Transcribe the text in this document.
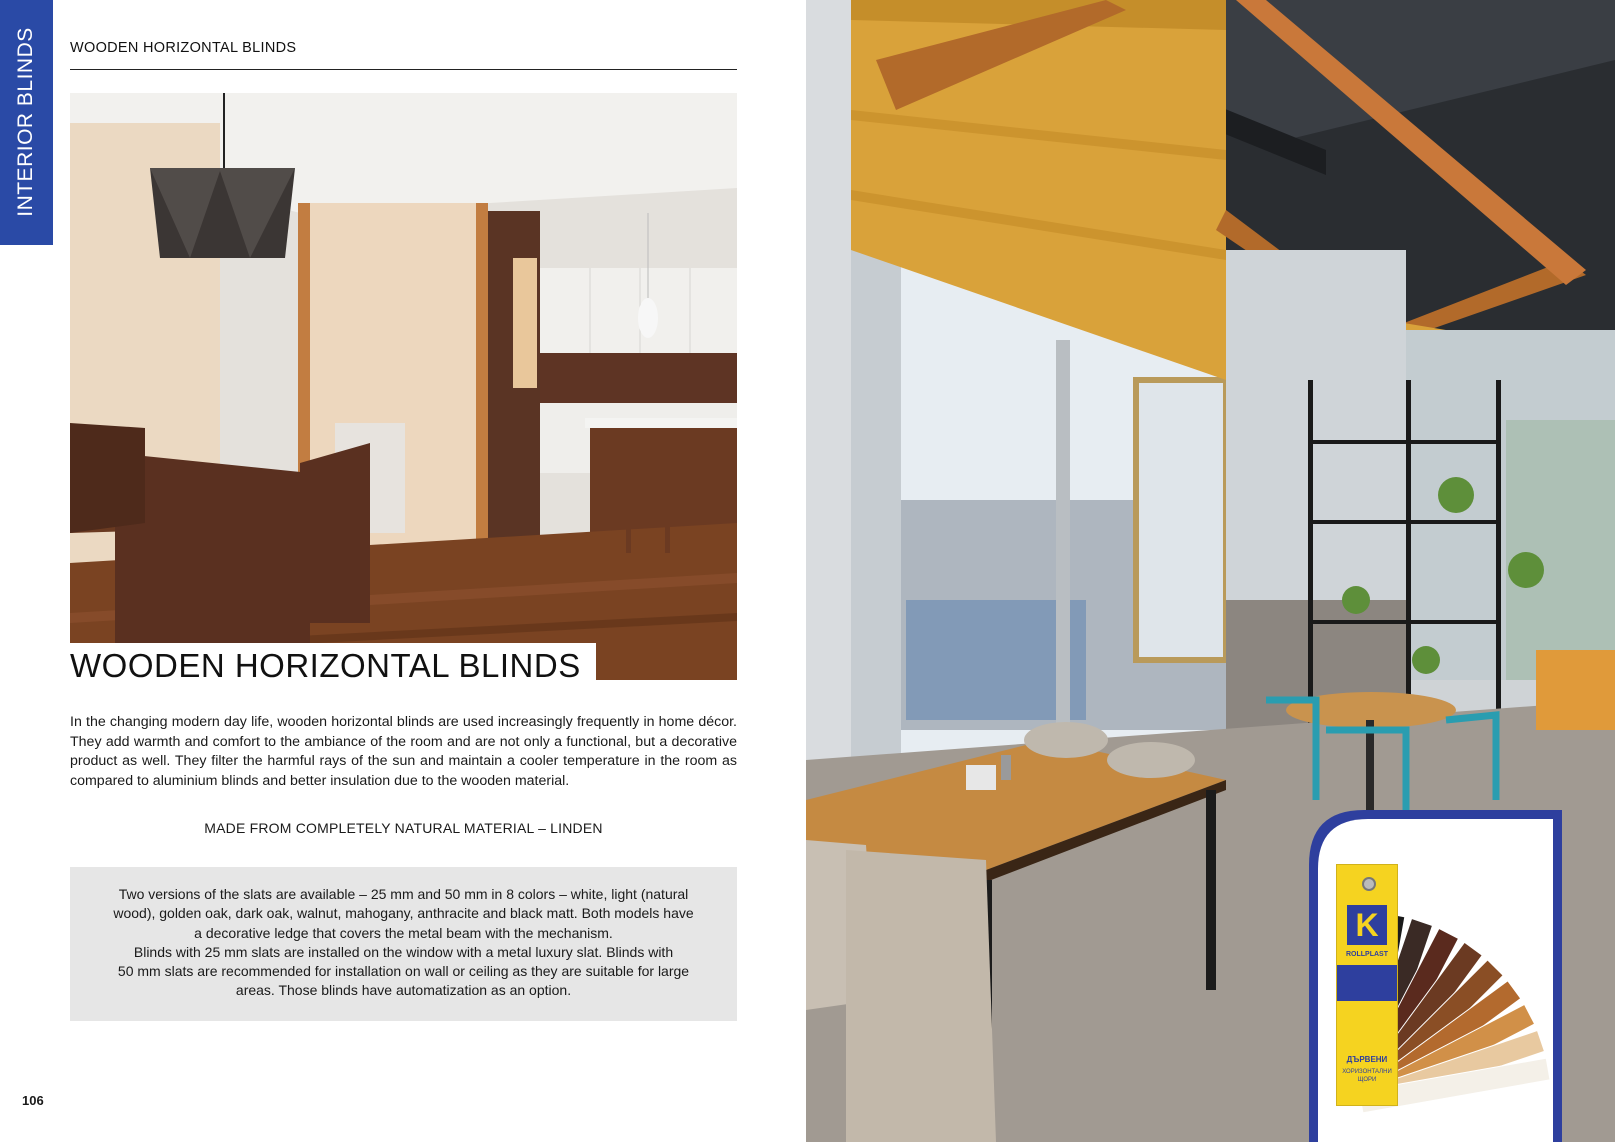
INTERIOR BLINDS WOODEN HORIZONTAL BLINDS
WOODEN HORIZONTAL BLINDS
In the changing modern day life, wooden horizontal blinds are used increasingly frequently in home décor. They add warmth and comfort to the ambiance of the room and are not only a functional, but a decorative product as well. They filter the harmful rays of the sun and maintain a cooler temperature in the room as compared to aluminium blinds and better insulation due to the wooden material.
MADE FROM COMPLETELY NATURAL MATERIAL – LINDEN
Two versions of the slats are available – 25 mm and 50 mm in 8 colors – white, light (natural
wood), golden oak, dark oak, walnut, mahogany, anthracite and black matt. Both models have
a decorative ledge that covers the metal beam with the mechanism.
Blinds with 25 mm slats are installed on the window with a metal luxury slat. Blinds with
50 mm slats are recommended for installation on wall or ceiling as they are suitable for large
areas. Those blinds have automatization as an option.
106
K
ROLLPLAST
ДЪРВЕНИ
ХОРИЗОНТАЛНИ
ЩОРИ
